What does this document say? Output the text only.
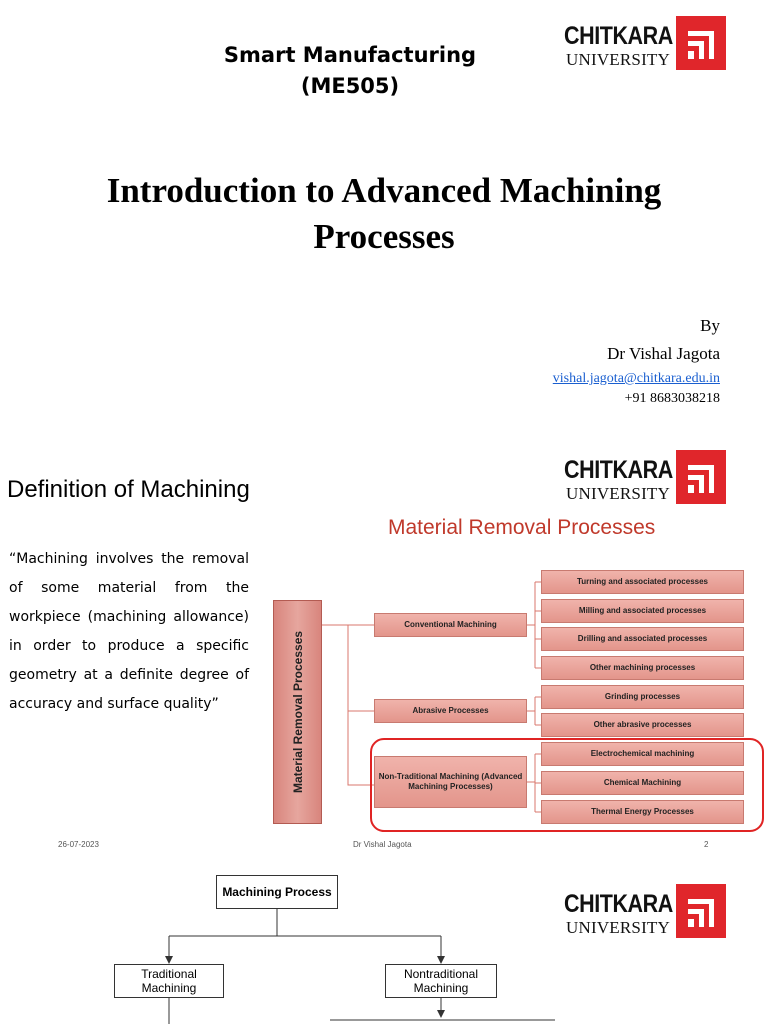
Smart Manufacturing
(ME505)
CHITKARA
UNIVERSITY
Introduction to Advanced Machining
Processes
By
Dr Vishal Jagota
vishal.jagota@chitkara.edu.in
+91 8683038218
Definition of Machining
CHITKARA
UNIVERSITY
“Machining involves the removal of some material from the workpiece (machining allowance) in order to produce a specific geometry at a definite degree of accuracy and surface quality”
Material Removal Processes
Material Removal Processes
Conventional Machining
Abrasive Processes
Non-Traditional Machining (Advanced Machining Processes)
Turning and associated processes
Milling and associated processes
Drilling and associated processes
Other machining processes
Grinding processes
Other abrasive processes
Electrochemical machining
Chemical Machining
Thermal Energy Processes
26-07-2023	Dr Vishal Jagota	2
CHITKARA
UNIVERSITY
Machining Process
Traditional Machining
Nontraditional Machining
